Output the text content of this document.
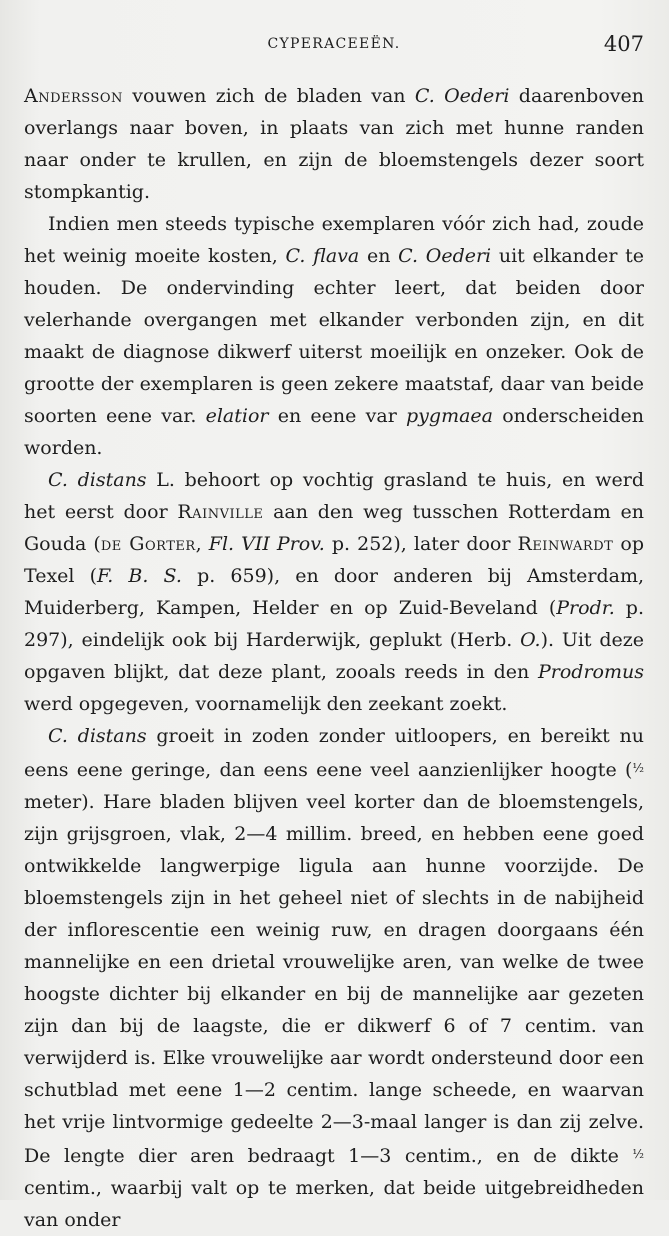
CYPERACEEËN.	407

Andersson vouwen zich de bladen van C. Oederi daarenboven overlangs naar boven, in plaats van zich met hunne randen naar onder te krullen, en zijn de bloemstengels dezer soort stompkantig.

Indien men steeds typische exemplaren vóór zich had, zoude het weinig moeite kosten, C. flava en C. Oederi uit elkander te houden. De ondervinding echter leert, dat beiden door velerhande overgangen met elkander verbonden zijn, en dit maakt de diagnose dikwerf uiterst moeilijk en onzeker. Ook de grootte der exemplaren is geen zekere maatstaf, daar van beide soorten eene var. elatior en eene var pygmaea onderscheiden worden.

C. distans L. behoort op vochtig grasland te huis, en werd het eerst door Rainville aan den weg tusschen Rotterdam en Gouda (de Gorter, Fl. VII Prov. p. 252), later door Reinwardt op Texel (F. B. S. p. 659), en door anderen bij Amsterdam, Muiderberg, Kampen, Helder en op Zuid-Beveland (Prodr. p. 297), eindelijk ook bij Harderwijk, geplukt (Herb. O.). Uit deze opgaven blijkt, dat deze plant, zooals reeds in den Prodromus werd opgegeven, voornamelijk den zeekant zoekt.

C. distans groeit in zoden zonder uitloopers, en bereikt nu eens eene geringe, dan eens eene veel aanzienlijker hoogte ($^{\frac{1}{2}}$ meter). Hare bladen blijven veel korter dan de bloemstengels, zijn grijsgroen, vlak, 2—4 millim. breed, en hebben eene goed ontwikkelde langwerpige ligula aan hunne voorzijde. De bloemstengels zijn in het geheel niet of slechts in de nabijheid der inflorescentie een weinig ruw, en dragen doorgaans één mannelijke en een drietal vrouwelijke aren, van welke de twee hoogste dichter bij elkander en bij de mannelijke aar gezeten zijn dan bij de laagste, die er dikwerf 6 of 7 centim. van verwijderd is. Elke vrouwelijke aar wordt ondersteund door een schutblad met eene 1—2 centim. lange scheede, en waarvan het vrije lintvormige gedeelte 2—3-maal langer is dan zij zelve. De lengte dier aren bedraagt 1—3 centim., en de dikte $^{\frac{1}{2}}$ centim., waarbij valt op te merken, dat beide uitgebreidheden van onder
